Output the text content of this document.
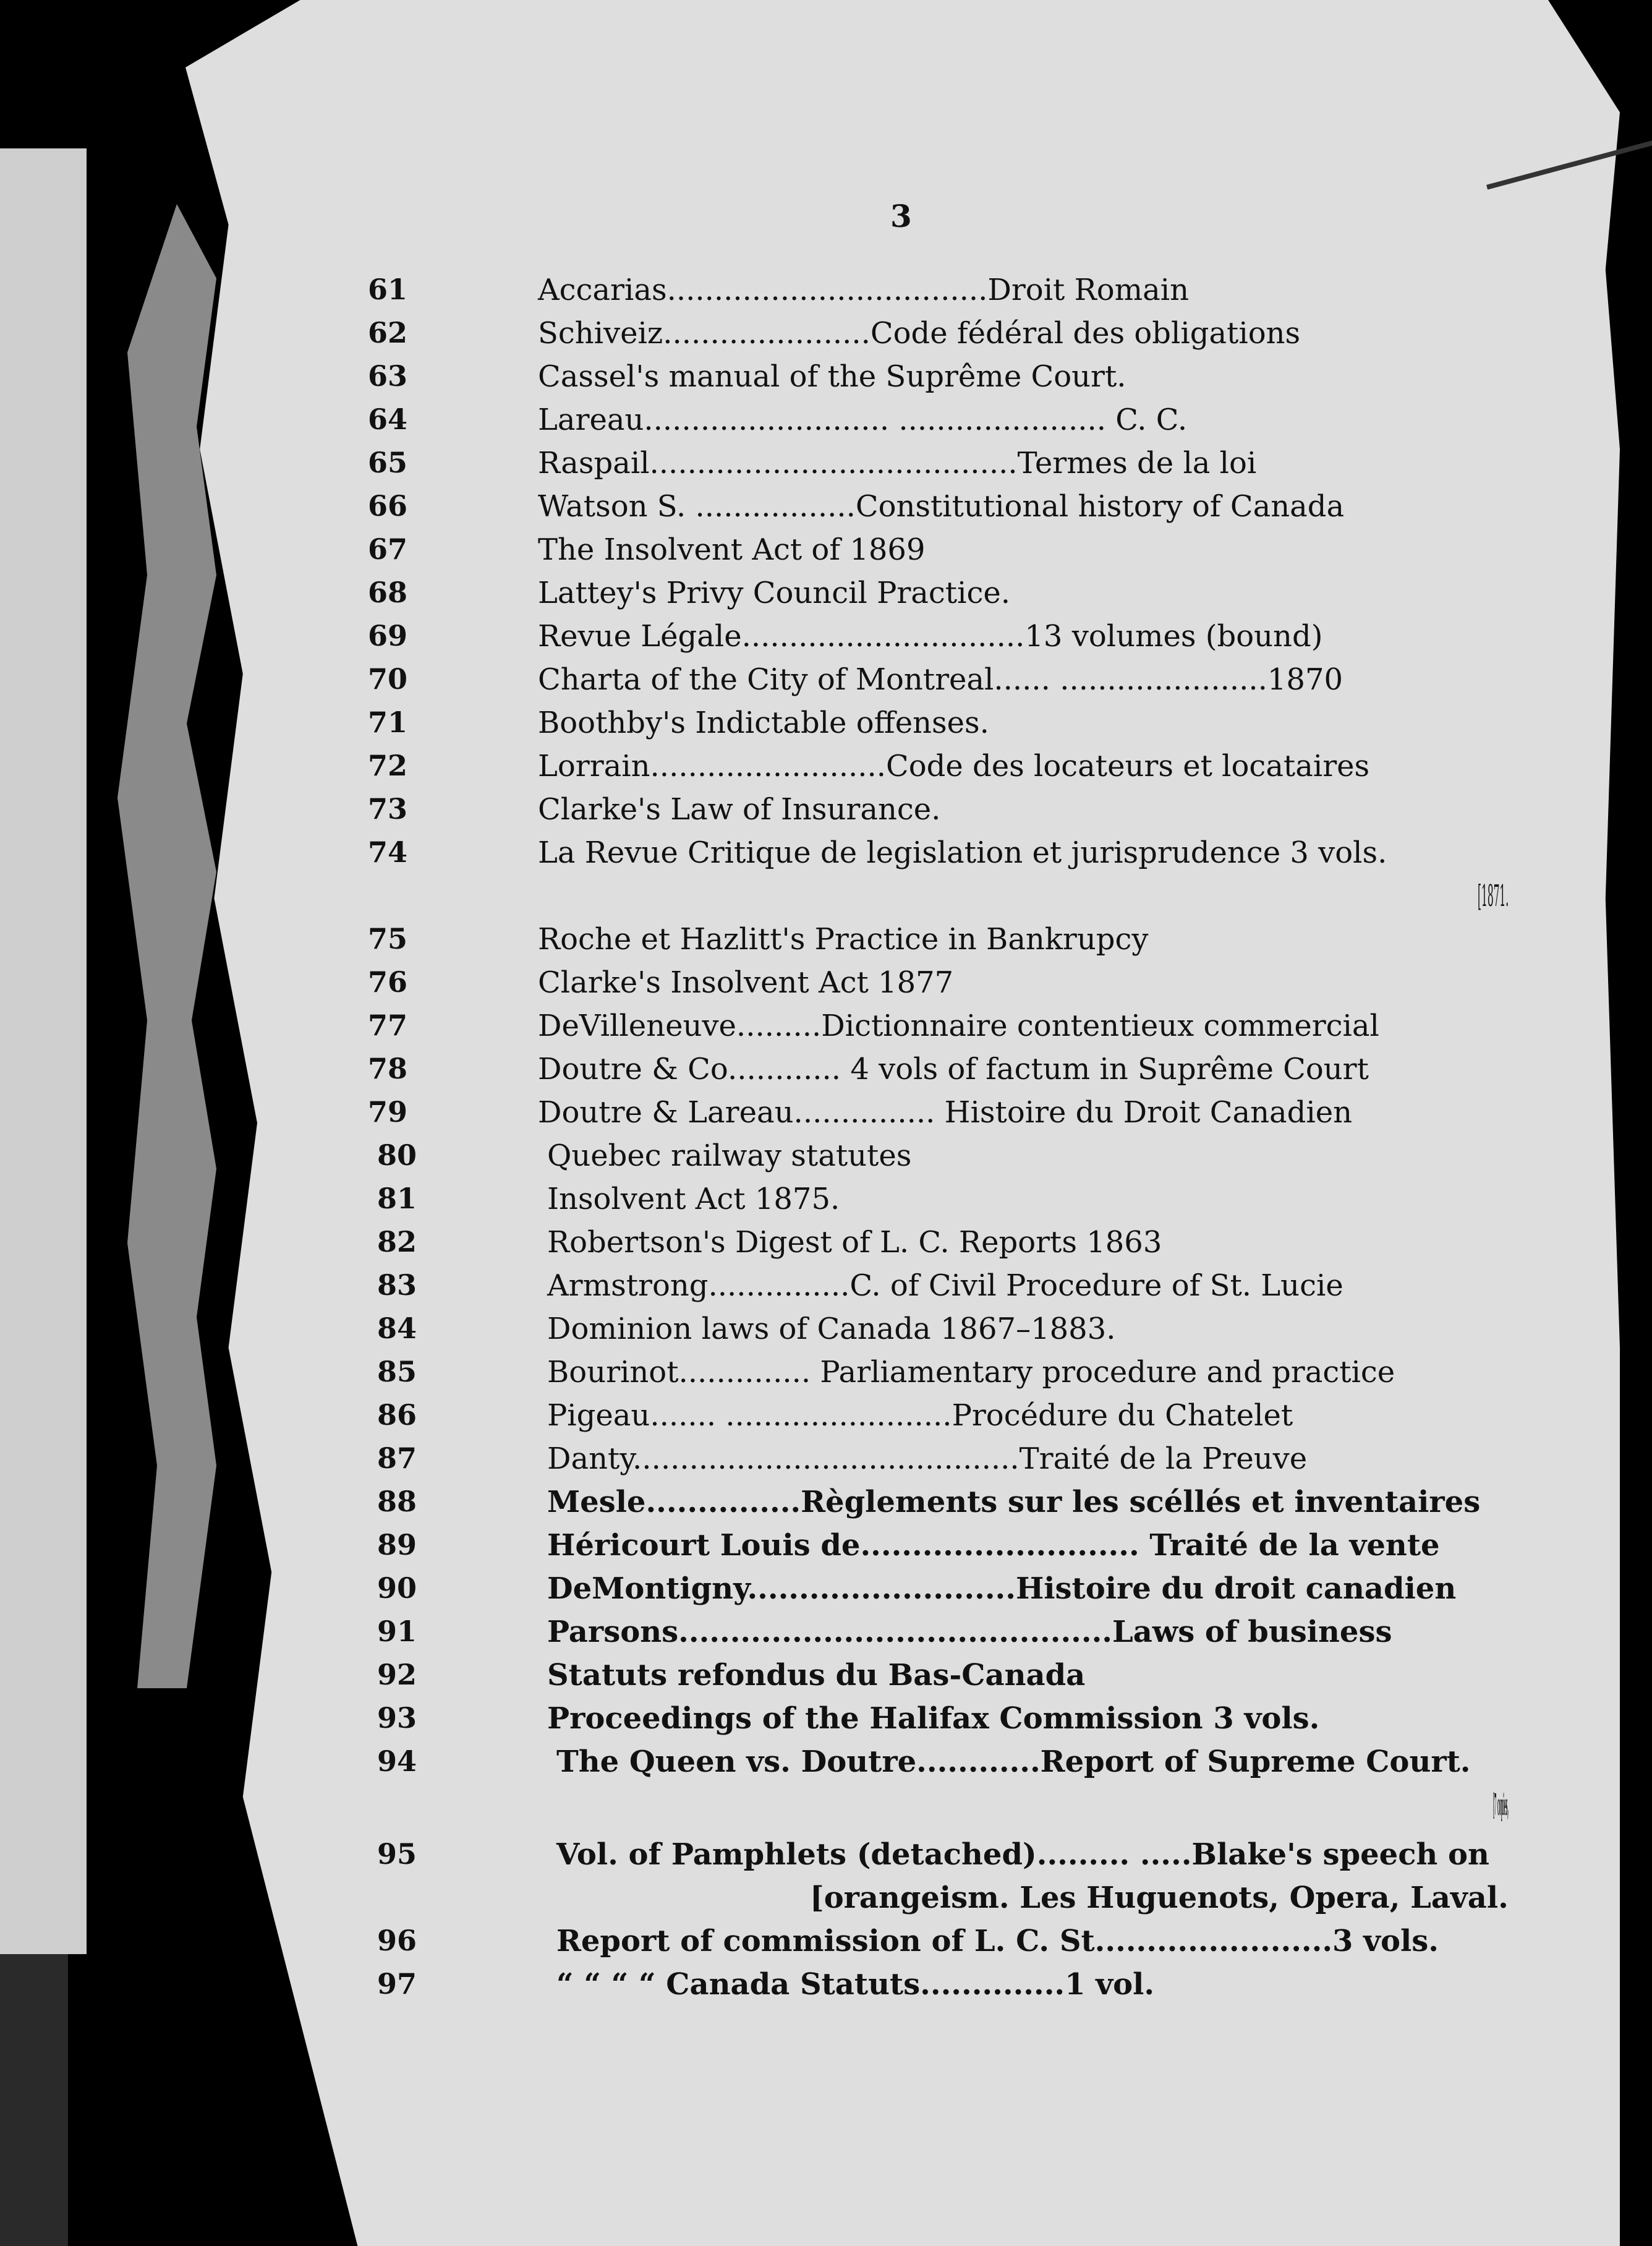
3
61	Accarias..................................Droit Romain
62	Schiveiz......................Code fédéral des obligations
63	Cassel's manual of the Suprême Court.
64	Lareau.......................... ...................... C. C.
65	Raspail.......................................Termes de la loi
66	Watson S. .................Constitutional history of Canada
67	The Insolvent Act of 1869
68	Lattey's Privy Council Practice.
69	Revue Légale..............................13 volumes (bound)
70	Charta of the City of Montreal...... ......................1870
71	Boothby's Indictable offenses.
72	Lorrain.........................Code des locateurs et locataires
73	Clarke's Law of Insurance.
74	La Revue Critique de legislation et jurisprudence 3 vols.
[1871.
75	Roche et Hazlitt's Practice in Bankrupcy
76	Clarke's Insolvent Act 1877
77	DeVilleneuve.........Dictionnaire contentieux commercial
78	Doutre & Co............ 4 vols of factum in Suprême Court
79	Doutre & Lareau............... Histoire du Droit Canadien
80	Quebec railway statutes
81	Insolvent Act 1875.
82	Robertson's Digest of L. C. Reports 1863
83	Armstrong...............C. of Civil Procedure of St. Lucie
84	Dominion laws of Canada 1867–1883.
85	Bourinot.............. Parliamentary procedure and practice
86	Pigeau....... ........................Procédure du Chatelet
87	Danty.........................................Traité de la Preuve
88	Mesle...............Règlements sur les scéllés et inventaires
89	Héricourt Louis de........................... Traité de la vente
90	DeMontigny..........................Histoire du droit canadien
91	Parsons..........................................Laws of business
92	Statuts refondus du Bas-Canada
93	Proceedings of the Halifax Commission 3 vols.
94	The Queen vs. Doutre............Report of Supreme Court.
[7 copies,
95	Vol. of Pamphlets (detached)......... .....Blake's speech on
[orangeism. Les Huguenots, Opera, Laval.
96	Report of commission of L. C. St.......................3 vols.
97	“ “ “ “ Canada Statuts..............1 vol.
